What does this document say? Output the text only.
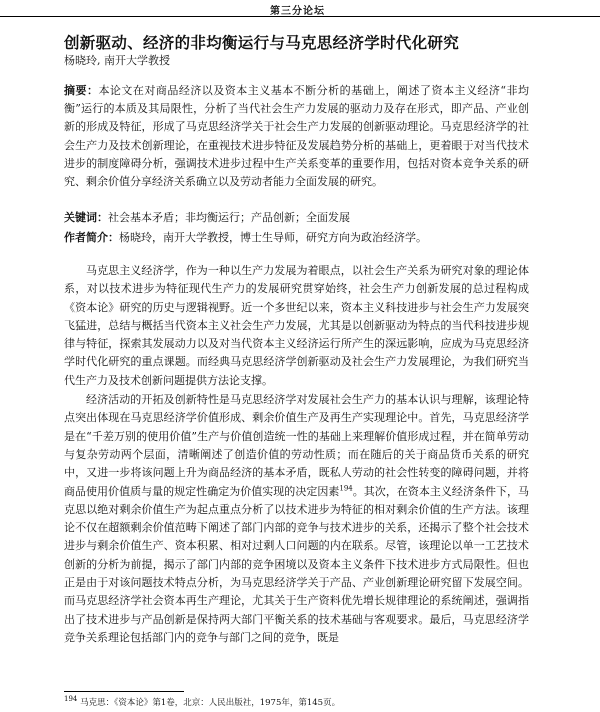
第三分论坛
创新驱动、经济的非均衡运行与马克思经济学时代化研究
杨晓玲, 南开大学教授
摘要：本论文在对商品经济以及资本主义基本不断分析的基础上，阐述了资本主义经济“非均衡”运行的本质及其局限性，分析了当代社会生产力发展的驱动力及存在形式，即产品、产业创新的形成及特征，形成了马克思经济学关于社会生产力发展的创新驱动理论。马克思经济学的社会生产力及技术创新理论，在重视技术进步特征及发展趋势分析的基础上，更着眼于对当代技术进步的制度障碍分析，强调技术进步过程中生产关系变革的重要作用，包括对资本竞争关系的研究、剩余价值分享经济关系确立以及劳动者能力全面发展的研究。
关键词：社会基本矛盾；非均衡运行；产品创新；全面发展
作者简介：杨晓玲，南开大学教授，博士生导师，研究方向为政治经济学。

马克思主义经济学，作为一种以生产力发展为着眼点，以社会生产关系为研究对象的理论体系，对以技术进步为特征现代生产力的发展研究贯穿始终，社会生产力创新发展的总过程构成《资本论》研究的历史与逻辑视野。近一个多世纪以来，资本主义科技进步与社会生产力发展突飞猛进，总结与概括当代资本主义社会生产力发展，尤其是以创新驱动为特点的当代科技进步规律与特征，探索其发展动力以及对当代资本主义经济运行所产生的深远影响，应成为马克思经济学时代化研究的重点课题。而经典马克思经济学创新驱动及社会生产力发展理论，为我们研究当代生产力及技术创新问题提供方法论支撑。

经济活动的开拓及创新特性是马克思经济学对发展社会生产力的基本认识与理解，该理论特点突出体现在马克思经济学价值形成、剩余价值生产及再生产实现理论中。首先，马克思经济学是在“千差万别的使用价值”生产与价值创造统一性的基础上来理解价值形成过程，并在简单劳动与复杂劳动两个层面，清晰阐述了创造价值的劳动性质；而在随后的关于商品货币关系的研究中，又进一步将该问题上升为商品经济的基本矛盾，既私人劳动的社会性转变的障碍问题，并将商品使用价值质与量的规定性确定为价值实现的决定因素$^{194}$。其次，在资本主义经济条件下，马克思以绝对剩余价值生产为起点重点分析了以技术进步为特征的相对剩余价值的生产方法。该理论不仅在超额剩余价值范畴下阐述了部门内部的竞争与技术进步的关系，还揭示了整个社会技术进步与剩余价值生产、资本积累、相对过剩人口问题的内在联系。尽管，该理论以单一工艺技术创新的分析为前提，揭示了部门内部的竞争困境以及资本主义条件下技术进步方式局限性。但也正是由于对该问题技术特点分析，为马克思经济学关于产品、产业创新理论研究留下发展空间。而马克思经济学社会资本再生产理论，尤其关于生产资料优先增长规律理论的系统阐述，强调指出了技术进步与产品创新是保持两大部门平衡关系的技术基础与客观要求。最后，马克思经济学竞争关系理论包括部门内的竞争与部门之间的竞争，既是

$^{194}$ 马克思：《资本论》第1卷，北京：人民出版社，1975年，第145页。
